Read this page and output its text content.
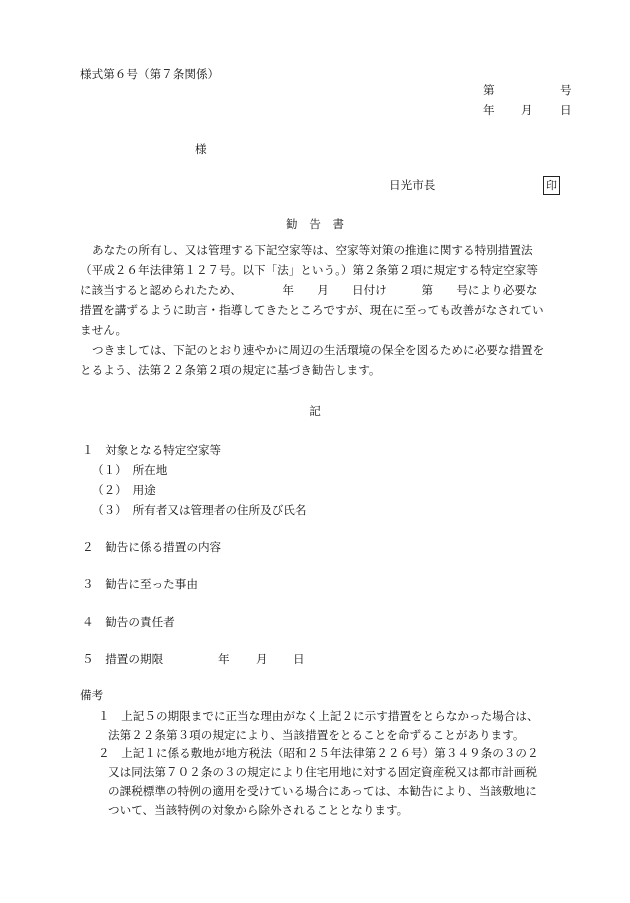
様式第６号（第７条関係）
第	号
年 月 日
様
日光市長	印
勧　告　書
あなたの所有し、又は管理する下記空家等は、空家等対策の推進に関する特別措置法
（平成２６年法律第１２７号。以下「法」という。）第２条第２項に規定する特定空家等
に該当すると認められたため、　　　　年　　月　　日付け　　　第　　号により必要な
措置を講ずるように助言・指導してきたところですが、現在に至っても改善がなされてい
ません。
つきましては、下記のとおり速やかに周辺の生活環境の保全を図るために必要な措置を
とるよう、法第２２条第２項の規定に基づき勧告します。
記
１　対象となる特定空家等
（１）　所在地
（２）　用途
（３）　所有者又は管理者の住所及び氏名
２　勧告に係る措置の内容
３　勧告に至った事由
４　勧告の責任者
５　措置の期限	年 月 日
備考
１　上記５の期限までに正当な理由がなく上記２に示す措置をとらなかった場合は、
法第２２条第３項の規定により、当該措置をとることを命ずることがあります。
２　上記１に係る敷地が地方税法（昭和２５年法律第２２６号）第３４９条の３の２
又は同法第７０２条の３の規定により住宅用地に対する固定資産税又は都市計画税
の課税標準の特例の適用を受けている場合にあっては、本勧告により、当該敷地に
ついて、当該特例の対象から除外されることとなります。
